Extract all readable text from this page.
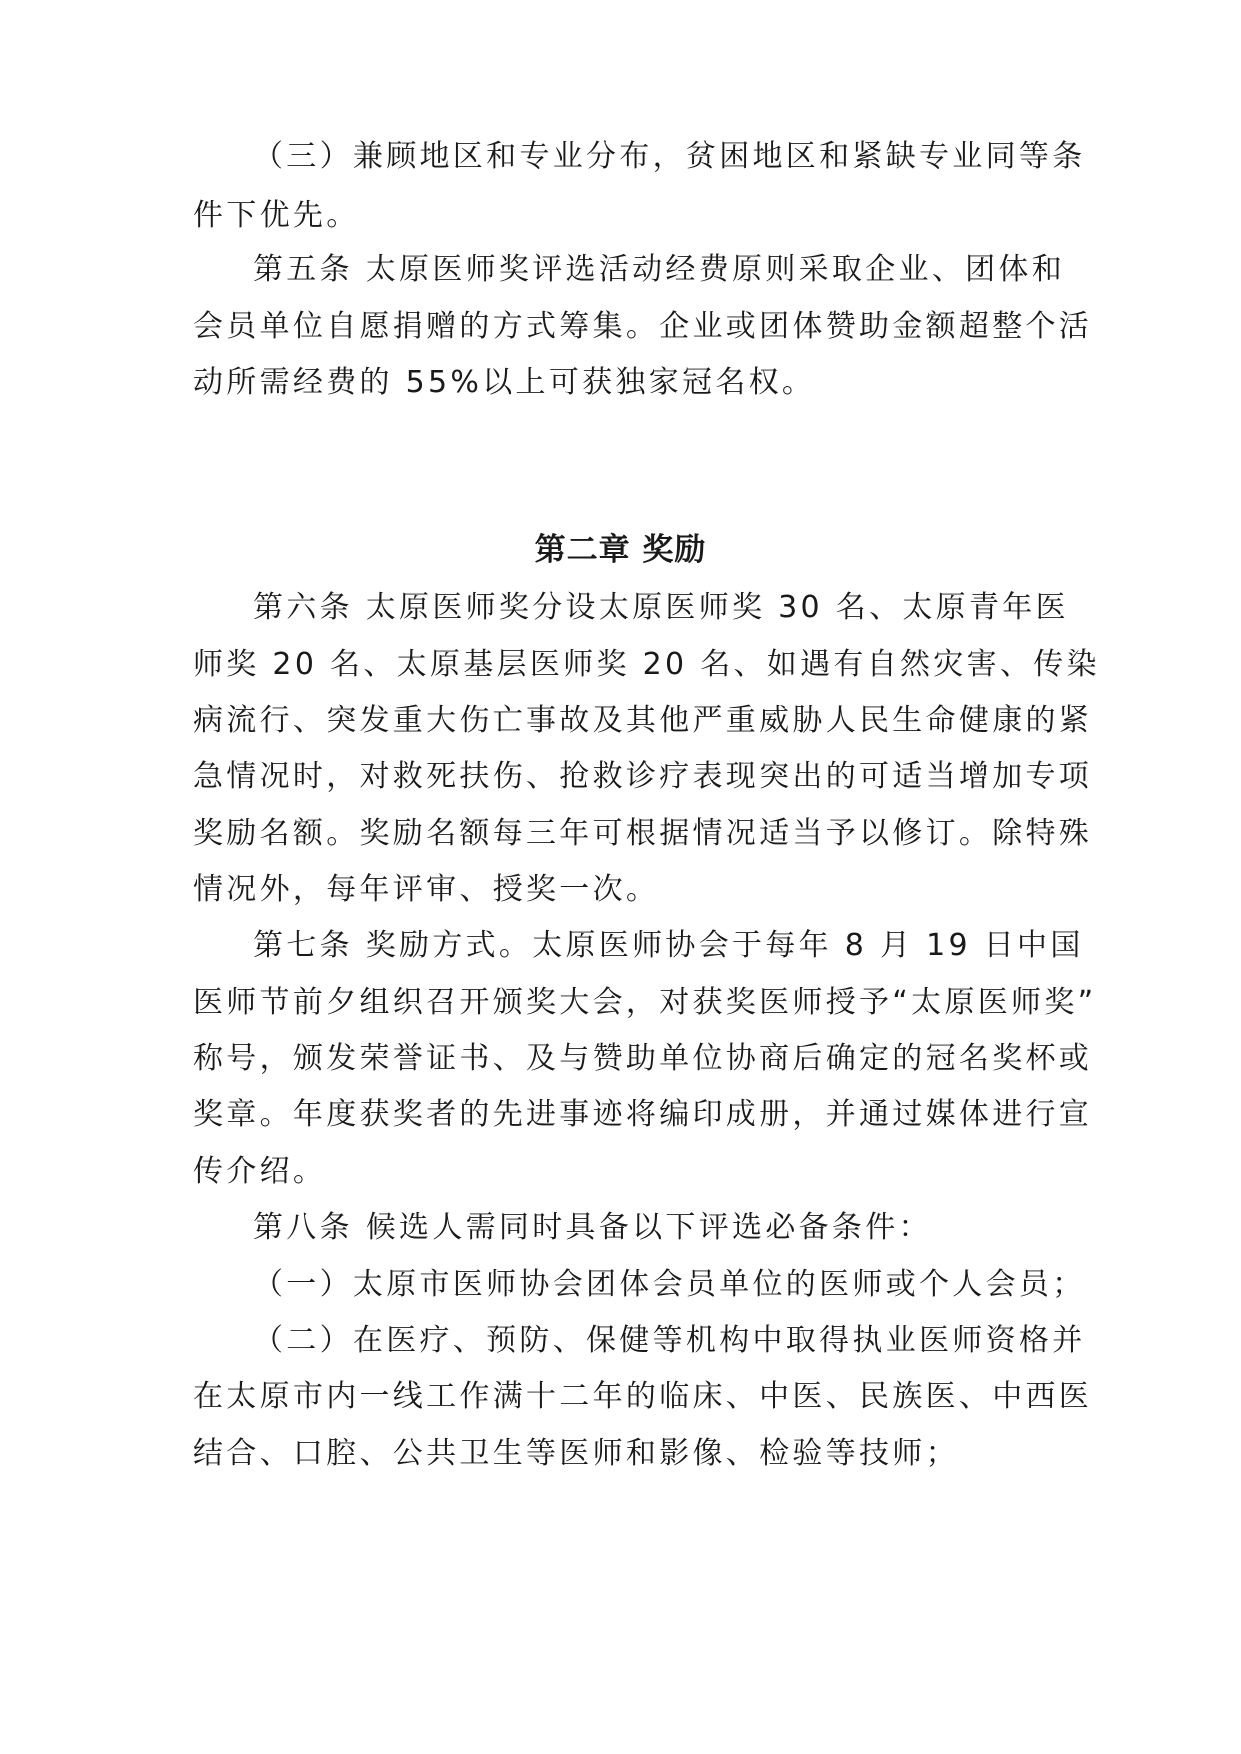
（三）兼顾地区和专业分布，贫困地区和紧缺专业同等条
件下优先。
第五条 太原医师奖评选活动经费原则采取企业、团体和
会员单位自愿捐赠的方式筹集。企业或团体赞助金额超整个活
动所需经费的 55%以上可获独家冠名权。
第二章 奖励
第六条 太原医师奖分设太原医师奖 30 名、太原青年医
师奖 20 名、太原基层医师奖 20 名、如遇有自然灾害、传染
病流行、突发重大伤亡事故及其他严重威胁人民生命健康的紧
急情况时，对救死扶伤、抢救诊疗表现突出的可适当增加专项
奖励名额。奖励名额每三年可根据情况适当予以修订。除特殊
情况外，每年评审、授奖一次。
第七条 奖励方式。太原医师协会于每年 8 月 19 日中国
医师节前夕组织召开颁奖大会，对获奖医师授予“太原医师奖”
称号，颁发荣誉证书、及与赞助单位协商后确定的冠名奖杯或
奖章。年度获奖者的先进事迹将编印成册，并通过媒体进行宣
传介绍。
第八条 候选人需同时具备以下评选必备条件：
（一）太原市医师协会团体会员单位的医师或个人会员；
（二）在医疗、预防、保健等机构中取得执业医师资格并
在太原市内一线工作满十二年的临床、中医、民族医、中西医
结合、口腔、公共卫生等医师和影像、检验等技师；
